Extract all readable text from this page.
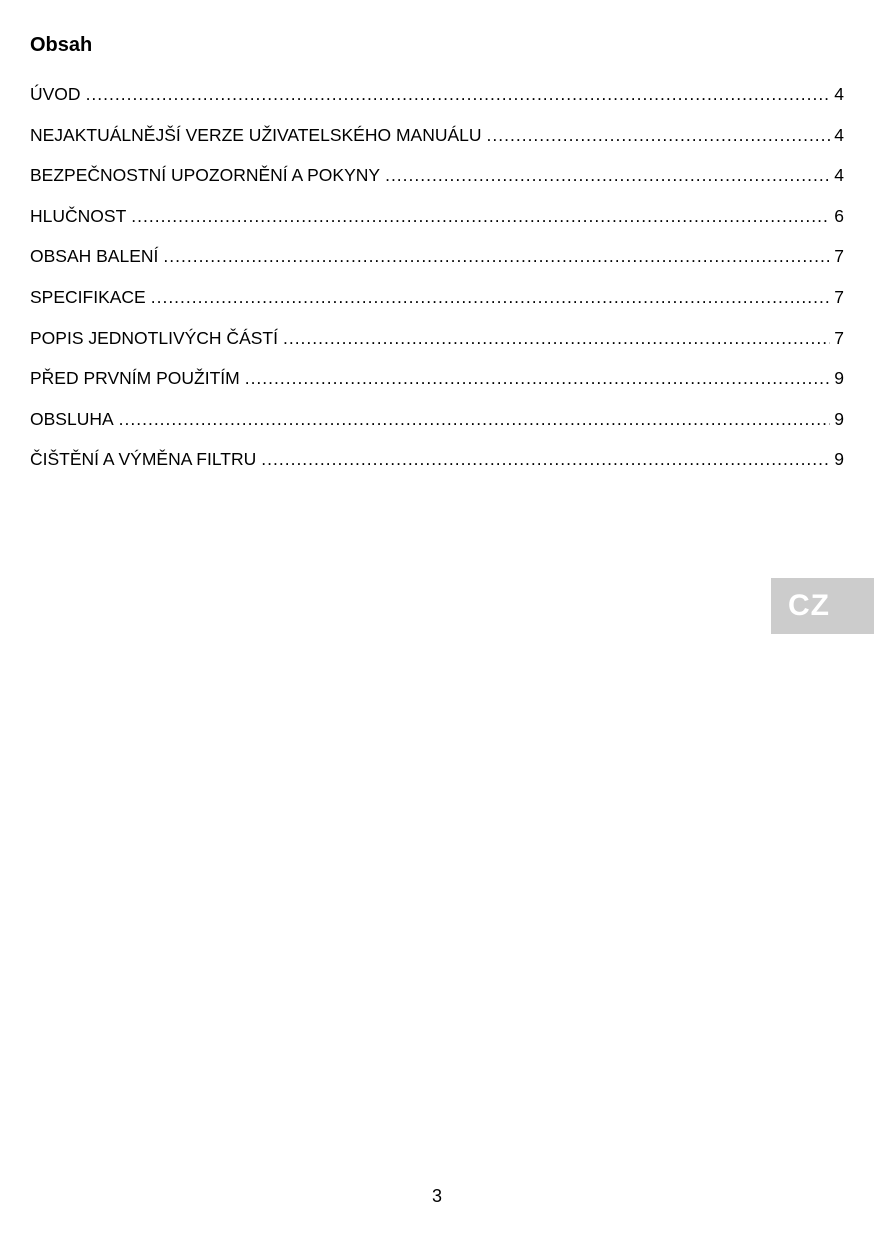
Obsah
ÚVOD .....	4
NEJAKTUÁLNĚJŠÍ VERZE UŽIVATELSKÉHO MANUÁLU .....	4
BEZPEČNOSTNÍ UPOZORNĚNÍ A POKYNY .....	4
HLUČNOST .....	6
OBSAH BALENÍ .....	7
SPECIFIKACE .....	7
POPIS JEDNOTLIVÝCH ČÁSTÍ .....	7
PŘED PRVNÍM POUŽITÍM .....	9
OBSLUHA .....	9
ČIŠTĚNÍ A VÝMĚNA FILTRU .....	9
CZ
3
